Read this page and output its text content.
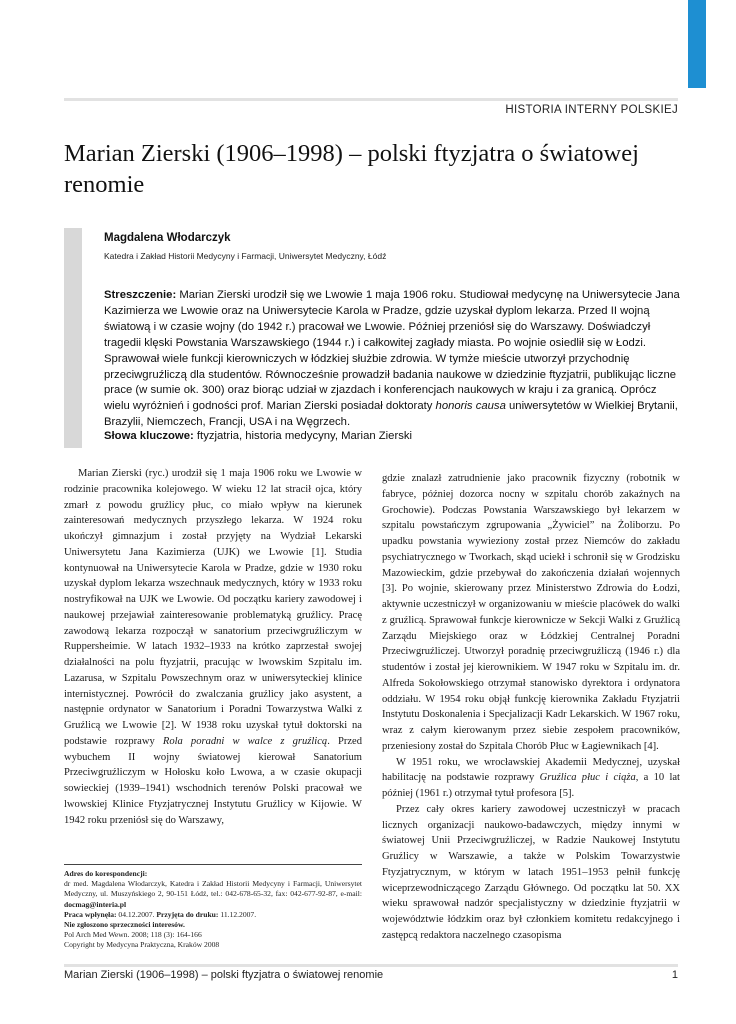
HISTORIA INTERNY POLSKIEJ
Marian Zierski (1906–1998) – polski ftyzjatra o światowej renomie
Magdalena Włodarczyk
Katedra i Zakład Historii Medycyny i Farmacji, Uniwersytet Medyczny, Łódź
Streszczenie: Marian Zierski urodził się we Lwowie 1 maja 1906 roku. Studiował medycynę na Uniwersytecie Jana Kazimierza we Lwowie oraz na Uniwersytecie Karola w Pradze, gdzie uzyskał dyplom lekarza. Przed II wojną światową i w czasie wojny (do 1942 r.) pracował we Lwowie. Później przeniósł się do Warszawy. Doświadczył tragedii klęski Powstania Warszawskiego (1944 r.) i całkowitej zagłady miasta. Po wojnie osiedlił się w Łodzi. Sprawował wiele funkcji kierowniczych w łódzkiej służbie zdrowia. W tymże mieście utworzył przychodnię przeciwgruźliczą dla studentów. Równocześnie prowadził badania naukowe w dziedzinie ftyzjatrii, publikując liczne prace (w sumie ok. 300) oraz biorąc udział w zjazdach i konferencjach naukowych w kraju i za granicą. Oprócz wielu wyróżnień i godności prof. Marian Zierski posiadał doktoraty honoris causa uniwersytetów w Wielkiej Brytanii, Brazylii, Niemczech, Francji, USA i na Węgrzech.
Słowa kluczowe: ftyzjatria, historia medycyny, Marian Zierski

Marian Zierski (ryc.) urodził się 1 maja 1906 roku we Lwowie w rodzinie pracownika kolejowego. W wieku 12 lat stracił ojca, który zmarł z powodu gruźlicy płuc, co miało wpływ na kierunek zainteresowań medycznych przyszłego lekarza. W 1924 roku ukończył gimnazjum i został przyjęty na Wydział Lekarski Uniwersytetu Jana Kazimierza (UJK) we Lwowie [1]. Studia kontynuował na Uniwersytecie Karola w Pradze, gdzie w 1930 roku uzyskał dyplom lekarza wszechnauk medycznych, który w 1933 roku nostryfikował na UJK we Lwowie. Od początku kariery zawodowej i naukowej przejawiał zainteresowanie problematyką gruźlicy. Pracę zawodową lekarza rozpoczął w sanatorium przeciwgruźliczym w Ruppersheimie. W latach 1932–1933 na krótko zaprzestał swojej działalności na polu ftyzjatrii, pracując w lwowskim Szpitalu im. Lazarusa, w Szpitalu Powszechnym oraz w uniwersyteckiej klinice internistycznej. Powrócił do zwalczania gruźlicy jako asystent, a następnie ordynator w Sanatorium i Poradni Towarzystwa Walki z Gruźlicą we Lwowie [2]. W 1938 roku uzyskał tytuł doktorski na podstawie rozprawy Rola poradni w walce z gruźlicą. Przed wybuchem II wojny światowej kierował Sanatorium Przeciwgruźliczym w Hołosku koło Lwowa, a w czasie okupacji sowieckiej (1939–1941) wschodnich terenów Polski pracował we lwowskiej Klinice Ftyzjatrycznej Instytutu Gruźlicy w Kijowie. W 1942 roku przeniósł się do Warszawy,

gdzie znalazł zatrudnienie jako pracownik fizyczny (robotnik w fabryce, później dozorca nocny w szpitalu chorób zakaźnych na Grochowie). Podczas Powstania Warszawskiego był lekarzem w szpitalu powstańczym zgrupowania „Żywiciel” na Żoliborzu. Po upadku powstania wywieziony został przez Niemców do zakładu psychiatrycznego w Tworkach, skąd uciekł i schronił się w Grodzisku Mazowieckim, gdzie przebywał do zakończenia działań wojennych [3]. Po wojnie, skierowany przez Ministerstwo Zdrowia do Łodzi, aktywnie uczestniczył w organizowaniu w mieście placówek do walki z gruźlicą. Sprawował funkcje kierownicze w Sekcji Walki z Gruźlicą Zarządu Miejskiego oraz w Łódzkiej Centralnej Poradni Przeciwgruźliczej. Utworzył poradnię przeciwgruźliczą (1946 r.) dla studentów i został jej kierownikiem. W 1947 roku w Szpitalu im. dr. Alfreda Sokołowskiego otrzymał stanowisko dyrektora i ordynatora oddziału. W 1954 roku objął funkcję kierownika Zakładu Ftyzjatrii Instytutu Doskonalenia i Specjalizacji Kadr Lekarskich. W 1967 roku, wraz z całym kierowanym przez siebie zespołem pracowników, przeniesiony został do Szpitala Chorób Płuc w Łagiewnikach [4].

W 1951 roku, we wrocławskiej Akademii Medycznej, uzyskał habilitację na podstawie rozprawy Gruźlica płuc i ciąża, a 10 lat później (1961 r.) otrzymał tytuł profesora [5].

Przez cały okres kariery zawodowej uczestniczył w pracach licznych organizacji naukowo-badawczych, między innymi w światowej Unii Przeciwgruźliczej, w Radzie Naukowej Instytutu Gruźlicy w Warszawie, a także w Polskim Towarzystwie Ftyzjatrycznym, w którym w latach 1951–1953 pełnił funkcję wiceprzewodniczącego Zarządu Głównego. Od początku lat 50. XX wieku sprawował nadzór specjalistyczny w dziedzinie ftyzjatrii w województwie łódzkim oraz był członkiem komitetu redakcyjnego i zastępcą redaktora naczelnego czasopisma

Adres do korespondencji:
dr med. Magdalena Włodarczyk, Katedra i Zakład Historii Medycyny i Farmacji, Uniwersytet Medyczny, ul. Muszyńskiego 2, 90-151 Łódź, tel.: 042-678-65-32, fax: 042-677-92-87, e-mail: docmag@interia.pl
Praca wpłynęła: 04.12.2007. Przyjęta do druku: 11.12.2007.
Nie zgłoszono sprzeczności interesów.
Pol Arch Med Wewn. 2008; 118 (3): 164-166
Copyright by Medycyna Praktyczna, Kraków 2008
Marian Zierski (1906–1998) – polski ftyzjatra o światowej renomie	1
